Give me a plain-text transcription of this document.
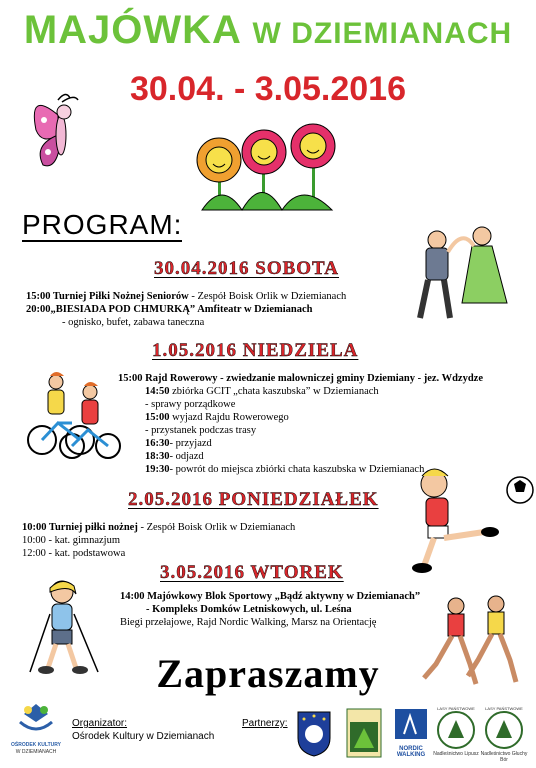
MAJÓWKA W DZIEMIANACH
30.04. - 3.05.2016
PROGRAM:
30.04.2016 SOBOTA
15:00 Turniej Piłki Nożnej Seniorów - Zespół Boisk Orlik w Dziemianach
20:00„BIESIADA POD CHMURKĄ” Amfiteatr w Dziemianach
- ognisko, bufet, zabawa taneczna
1.05.2016 NIEDZIELA
15:00 Rajd Rowerowy - zwiedzanie malowniczej gminy Dziemiany - jez. Wdzydze
14:50 zbiórka GCIT „chata kaszubska” w Dziemianach
- sprawy porządkowe
15:00 wyjazd Rajdu Rowerowego
- przystanek podczas trasy
16:30- przyjazd
18:30- odjazd
19:30- powrót do miejsca zbiórki chata kaszubska w Dziemianach
2.05.2016 PONIEDZIAŁEK
10:00 Turniej piłki nożnej - Zespół Boisk Orlik w Dziemianach
10:00 - kat. gimnazjum
12:00 - kat. podstawowa
3.05.2016 WTOREK
14:00 Majówkowy Blok Sportowy „Bądź aktywny w Dziemianach”
- Kompleks Domków Letniskowych, ul. Leśna
Biegi przełajowe, Rajd Nordic Walking, Marsz na Orientację
Zapraszamy
OŚRODEK KULTURY
W DZIEMIANACH
Organizator:
Ośrodek Kultury w Dziemianach
Partnerzy:
NORDIC WALKING
LASY PAŃSTWOWE
Nadleśnictwo Lipusz
LASY PAŃSTWOWE
Nadleśnictwo Głuchy Bór
